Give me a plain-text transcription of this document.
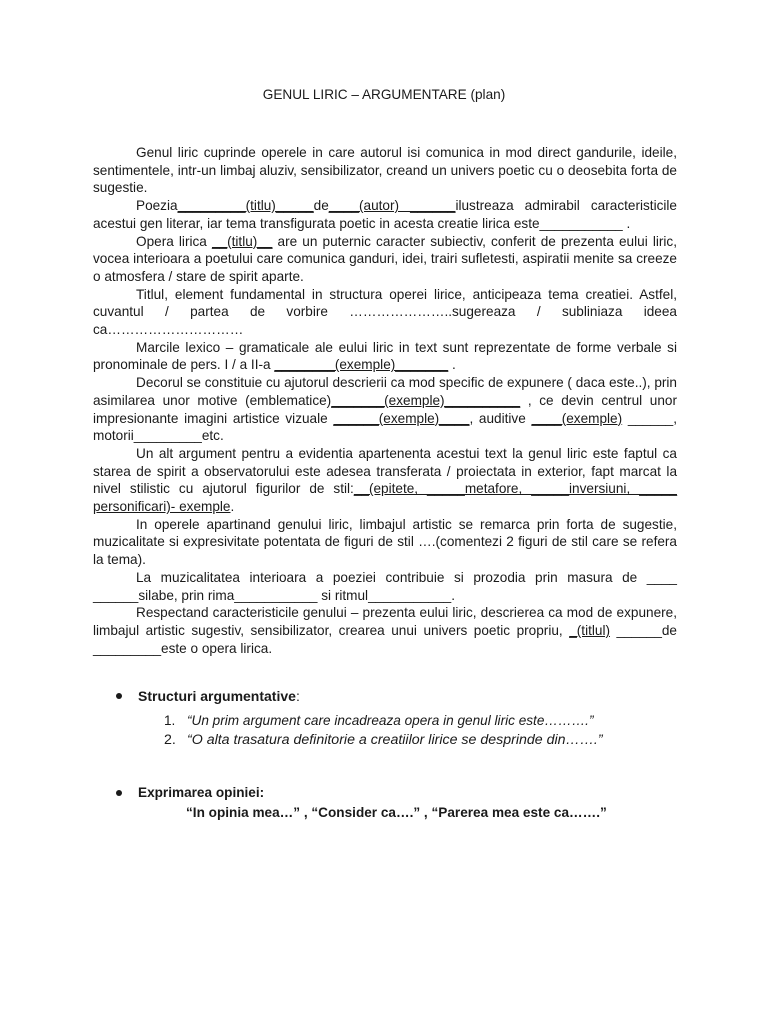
GENUL LIRIC – ARGUMENTARE (plan)

Genul liric cuprinde operele in care autorul isi comunica in mod direct gandurile, ideile, sentimentele, intr-un limbaj aluziv, sensibilizator, creand un univers poetic cu o deosebita forta de sugestie.

Poezia_________(titlu)_____de____(autor) ______ilustreaza admirabil caracteristicile acestui gen literar, iar tema transfigurata poetic in acesta creatie lirica este___________ .

Opera lirica __(titlu)__ are un puternic caracter subiectiv, conferit de prezenta eului liric, vocea interioara a poetului care comunica ganduri, idei, trairi sufletesti, aspiratii menite sa creeze o atmosfera / stare de spirit aparte.

Titlul, element fundamental in structura operei lirice, anticipeaza tema creatiei. Astfel, cuvantul / partea de vorbire …………………..sugereaza / subliniaza ideea ca…………………………

Marcile lexico – gramaticale ale eului liric in text sunt reprezentate de forme verbale si pronominale de pers. I / a II-a ________(exemple)_______ .

Decorul se constituie cu ajutorul descrierii ca mod specific de expunere ( daca este..), prin asimilarea unor motive (emblematice)_______(exemple)__________ , ce devin centrul unor impresionante imagini artistice vizuale ______(exemple)____, auditive ____(exemple) ______, motorii_________etc.

Un alt argument pentru a evidentia apartenenta acestui text la genul liric este faptul ca starea de spirit a observatorului este adesea transferata / proiectata in exterior, fapt marcat la nivel stilistic cu ajutorul figurilor de stil:__(epitete, _____metafore, _____inversiuni, _____ personificari)- exemple.

In operele apartinand genului liric, limbajul artistic se remarca prin forta de sugestie, muzicalitate si expresivitate potentata de figuri de stil ….(comentezi 2 figuri de stil care se refera la tema).

La muzicalitatea interioara a poeziei contribuie si prozodia prin masura de ____ ______silabe, prin rima___________ si ritmul___________.

Respectand caracteristicile genului – prezenta eului liric, descrierea ca mod de expunere, limbajul artistic sugestiv, sensibilizator, crearea unui univers poetic propriu, _(titlul) ______de _________este o opera lirica.

Structuri argumentative:
1. “Un prim argument care incadreaza opera in genul liric este……….”
2. “O alta trasatura definitorie a creatiilor lirice se desprinde din…….”
Exprimarea opiniei:
“In opinia mea…” , “Consider ca….” , “Parerea mea este ca…….”
